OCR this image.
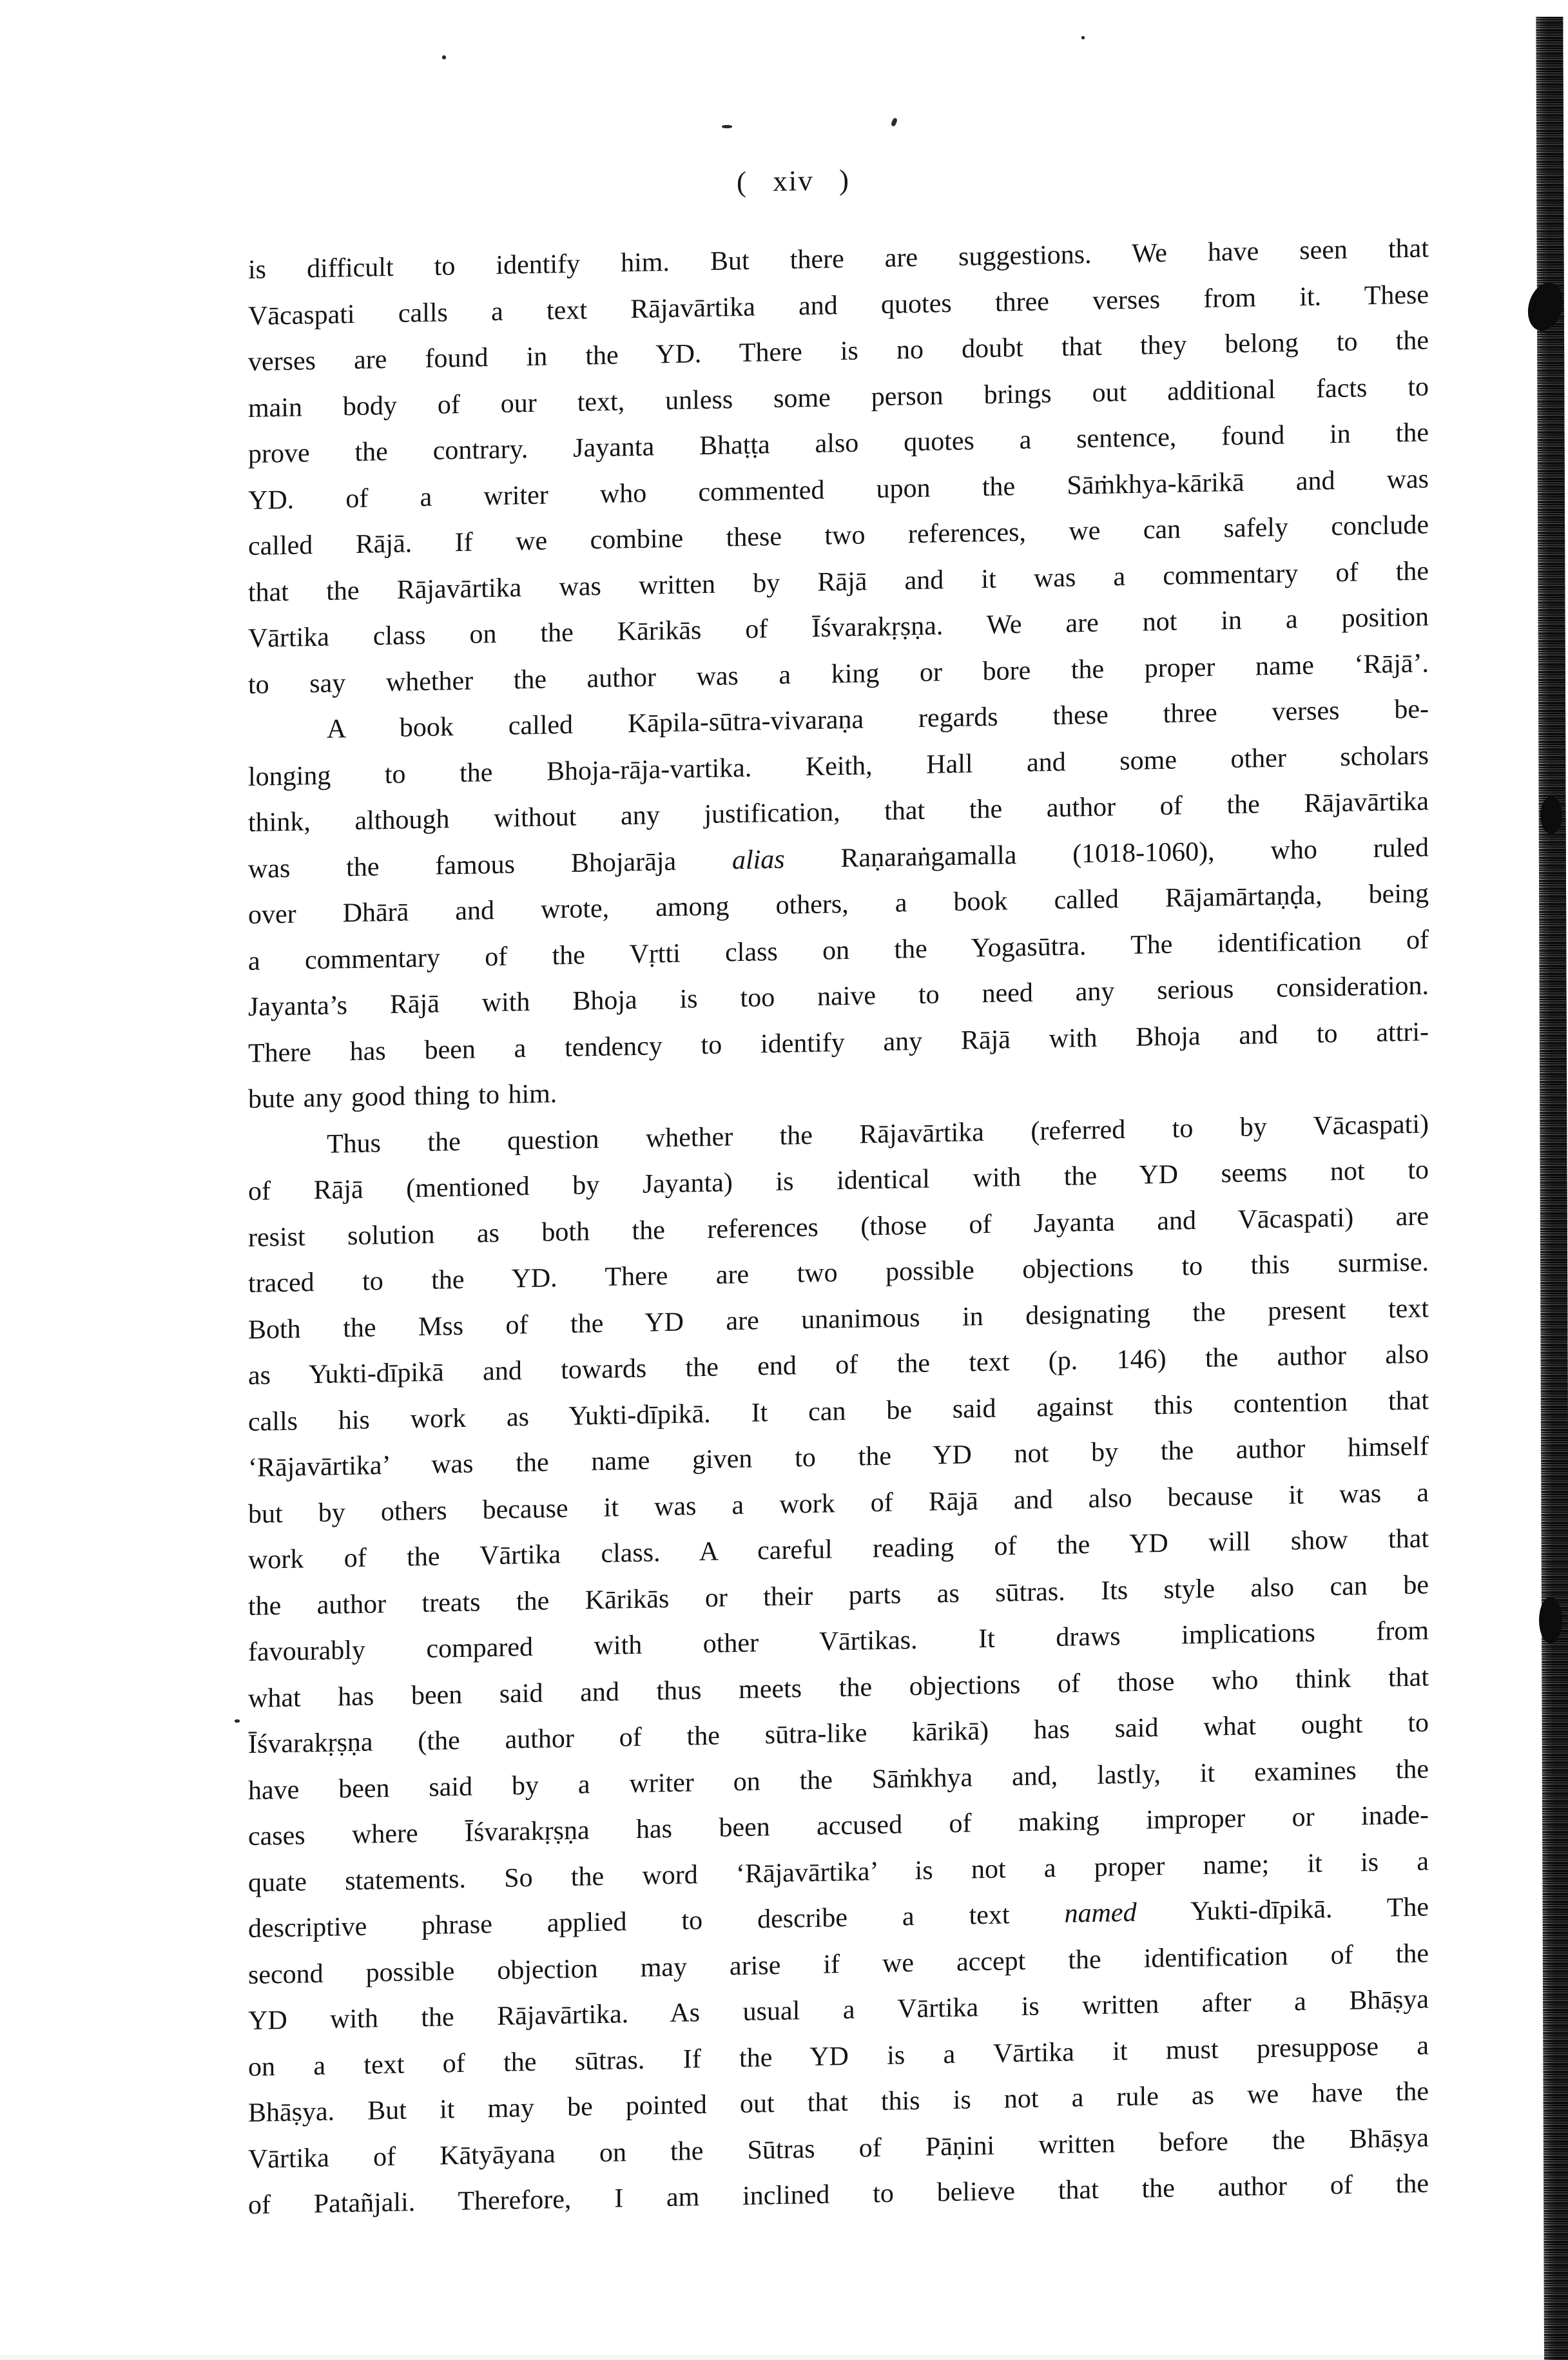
( xiv )
is difficult to identify him. But there are suggestions. We have seen that
Vācaspati calls a text Rājavārtika and quotes three verses from it. These
verses are found in the YD. There is no doubt that they belong to the
main body of our text, unless some person brings out additional facts to
prove the contrary. Jayanta Bhaṭṭa also quotes a sentence, found in the
YD. of a writer who commented upon the Sāṁkhya-kārikā and was
called Rājā. If we combine these two references, we can safely conclude
that the Rājavārtika was written by Rājā and it was a commentary of the
Vārtika class on the Kārikās of Īśvarakṛṣṇa. We are not in a position
to say whether the author was a king or bore the proper name ‘Rājā’.
A book called Kāpila-sūtra-vivaraṇa regards these three verses be-
longing to the Bhoja-rāja-vartika. Keith, Hall and some other scholars
think, although without any justification, that the author of the Rājavārtika
was the famous Bhojarāja alias Raṇaraṅgamalla (1018-1060), who ruled
over Dhārā and wrote, among others, a book called Rājamārtaṇḍa, being
a commentary of the Vṛtti class on the Yogasūtra. The identification of
Jayanta’s Rājā with Bhoja is too naive to need any serious consideration.
There has been a tendency to identify any Rājā with Bhoja and to attri-
bute any good thing to him.
Thus the question whether the Rājavārtika (referred to by Vācaspati)
of Rājā (mentioned by Jayanta) is identical with the YD seems not to
resist solution as both the references (those of Jayanta and Vācaspati) are
traced to the YD. There are two possible objections to this surmise.
Both the Mss of the YD are unanimous in designating the present text
as Yukti-dīpikā and towards the end of the text (p. 146) the author also
calls his work as Yukti-dīpikā. It can be said against this contention that
‘Rājavārtika’ was the name given to the YD not by the author himself
but by others because it was a work of Rājā and also because it was a
work of the Vārtika class. A careful reading of the YD will show that
the author treats the Kārikās or their parts as sūtras. Its style also can be
favourably compared with other Vārtikas. It draws implications from
what has been said and thus meets the objections of those who think that
Īśvarakṛṣṇa (the author of the sūtra-like kārikā) has said what ought to
have been said by a writer on the Sāṁkhya and, lastly, it examines the
cases where Īśvarakṛṣṇa has been accused of making improper or inade-
quate statements. So the word ‘Rājavārtika’ is not a proper name; it is a
descriptive phrase applied to describe a text named Yukti-dīpikā. The
second possible objection may arise if we accept the identification of the
YD with the Rājavārtika. As usual a Vārtika is written after a Bhāṣya
on a text of the sūtras. If the YD is a Vārtika it must presuppose a
Bhāṣya. But it may be pointed out that this is not a rule as we have the
Vārtika of Kātyāyana on the Sūtras of Pāṇini written before the Bhāṣya
of Patañjali. Therefore, I am inclined to believe that the author of the
